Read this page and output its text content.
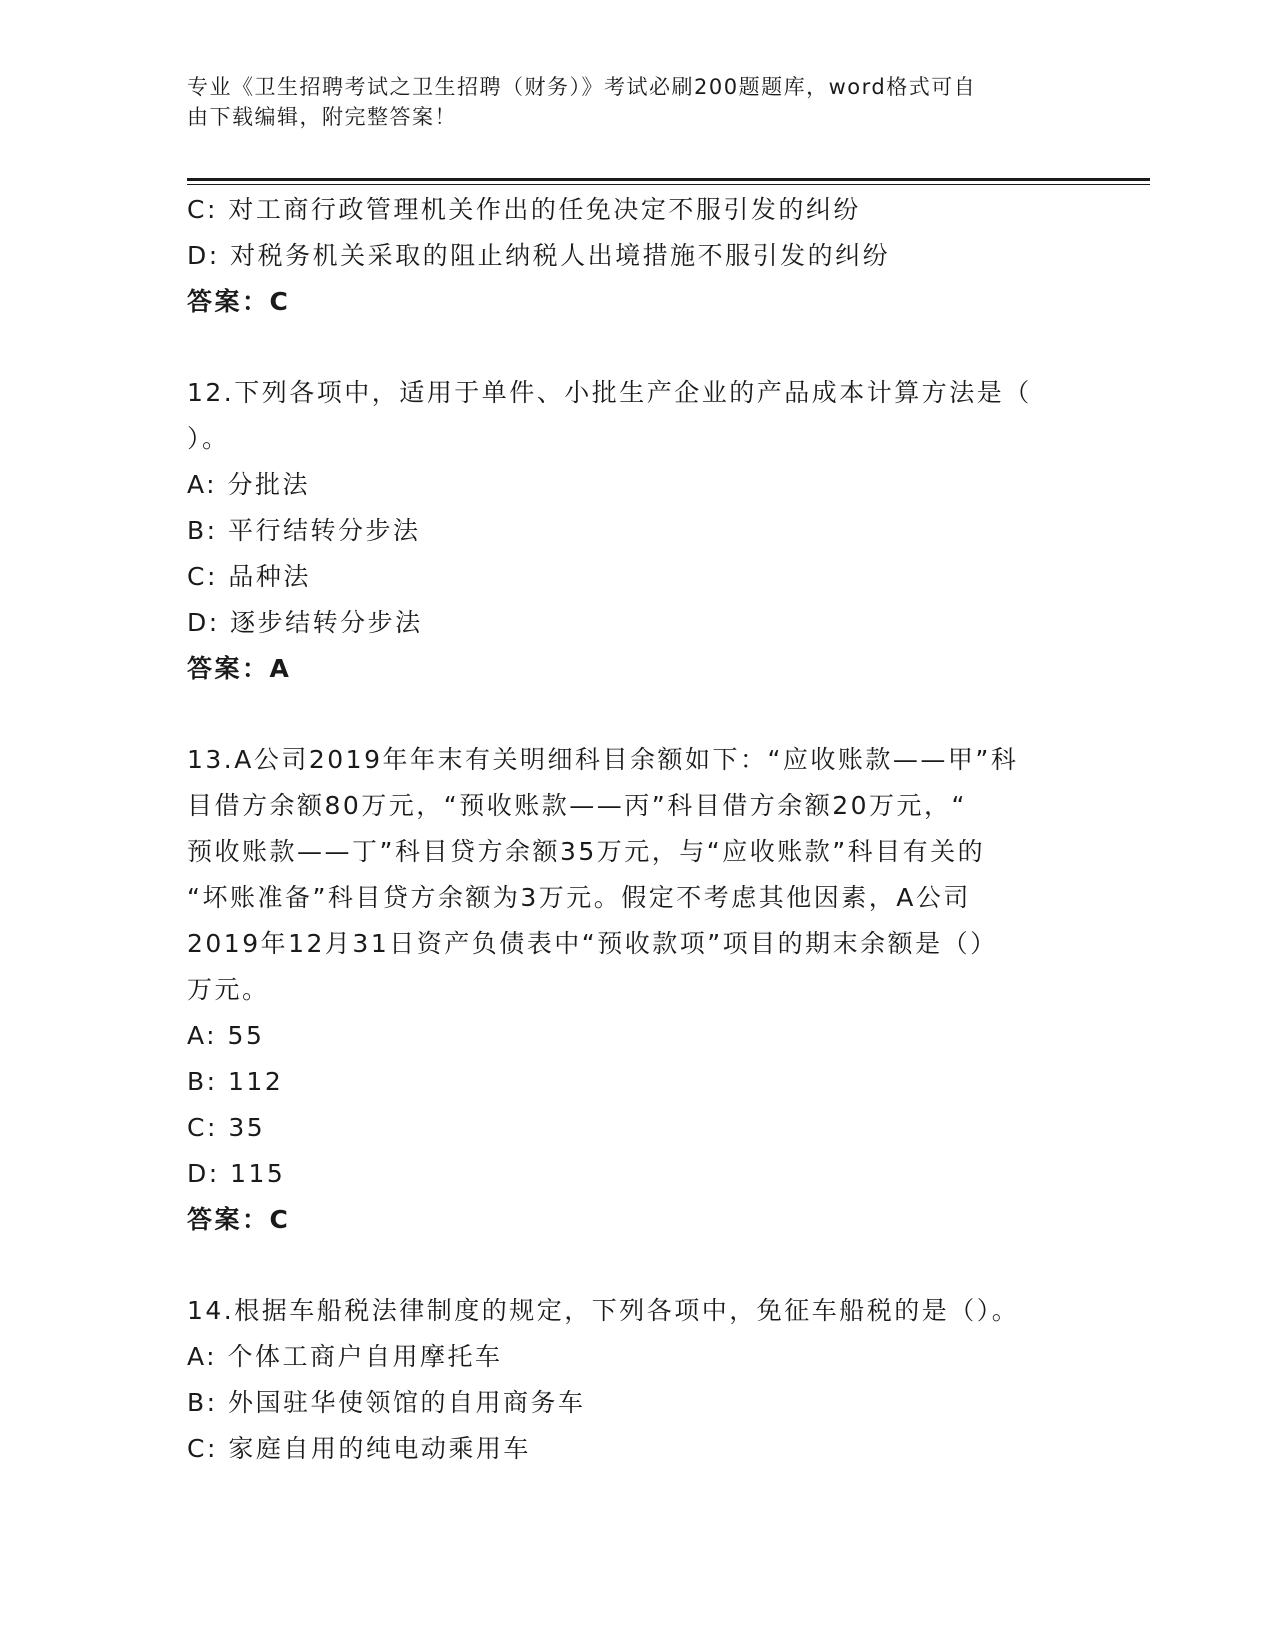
专业《卫生招聘考试之卫生招聘（财务）》考试必刷200题题库，word格式可自
由下载编辑，附完整答案！
C: 对工商行政管理机关作出的任免决定不服引发的纠纷
D: 对税务机关采取的阻止纳税人出境措施不服引发的纠纷
答案：C
12.下列各项中，适用于单件、小批生产企业的产品成本计算方法是（
）。
A: 分批法
B: 平行结转分步法
C: 品种法
D: 逐步结转分步法
答案：A
13.A公司2019年年末有关明细科目余额如下：“应收账款——甲”科
目借方余额80万元，“预收账款——丙”科目借方余额20万元，“
预收账款——丁”科目贷方余额35万元，与“应收账款”科目有关的
“坏账准备”科目贷方余额为3万元。假定不考虑其他因素，A公司
2019年12月31日资产负债表中“预收款项”项目的期末余额是（）
万元。
A: 55
B: 112
C: 35
D: 115
答案：C
14.根据车船税法律制度的规定，下列各项中，免征车船税的是（）。
A: 个体工商户自用摩托车
B: 外国驻华使领馆的自用商务车
C: 家庭自用的纯电动乘用车
